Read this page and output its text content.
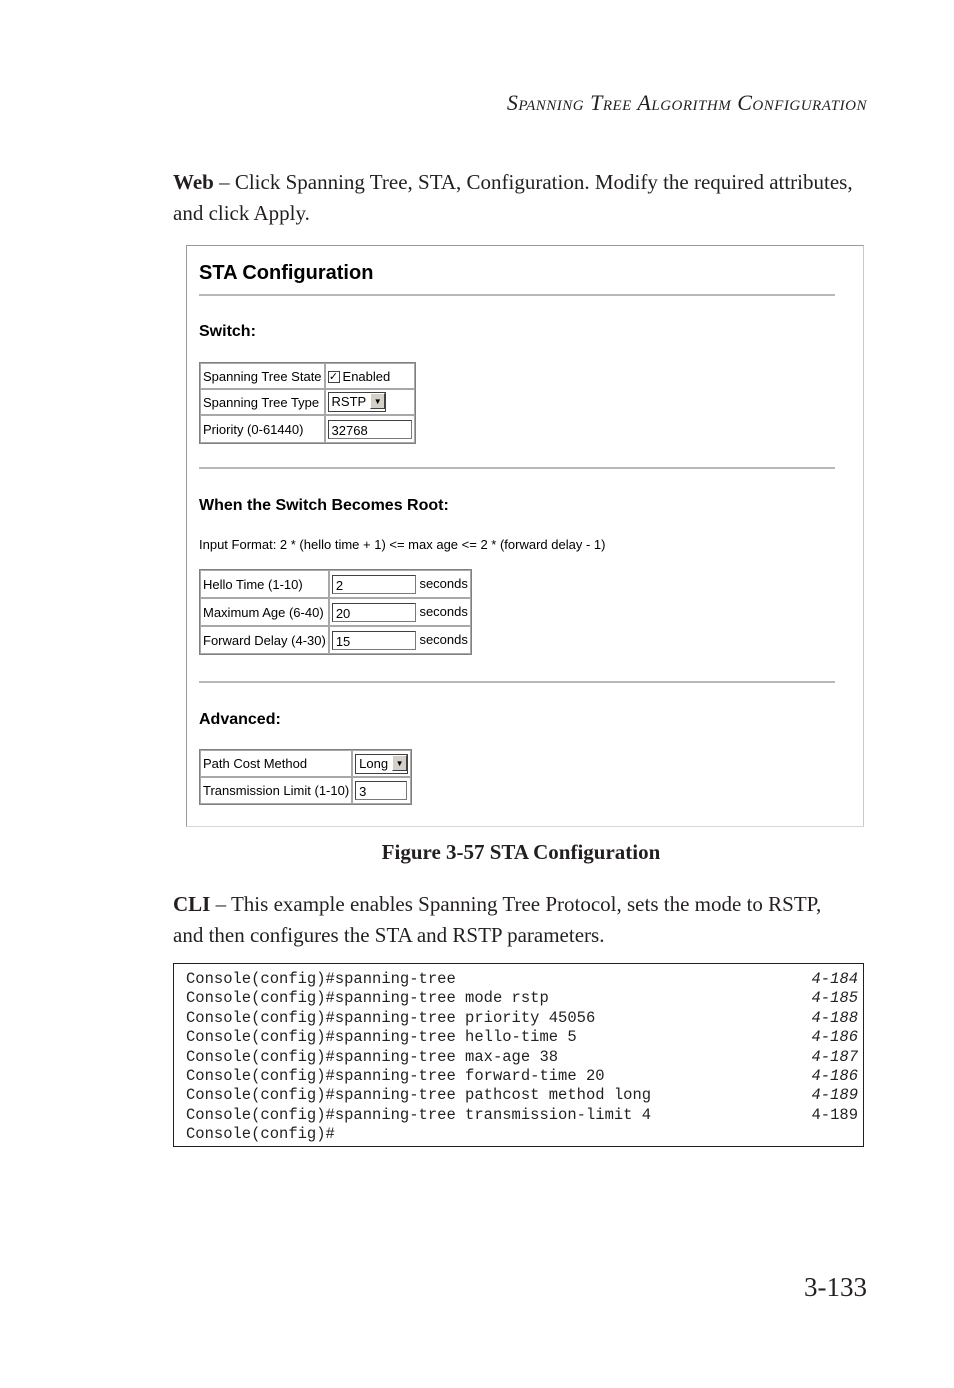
Spanning Tree Algorithm Configuration
Web – Click Spanning Tree, STA, Configuration. Modify the required attributes, and click Apply.
STA Configuration
Switch:
Spanning Tree State	✓ Enabled
Spanning Tree Type	RSTP ▼
Priority (0-61440)	32768
When the Switch Becomes Root:
Input Format: 2 * (hello time + 1) <= max age <= 2 * (forward delay - 1)
Hello Time (1-10)	2 seconds
Maximum Age (6-40)	20 seconds
Forward Delay (4-30)	15 seconds
Advanced:
Path Cost Method	Long ▼
Transmission Limit (1-10)	3
Figure 3-57 STA Configuration
CLI – This example enables Spanning Tree Protocol, sets the mode to RSTP, and then configures the STA and RSTP parameters.
Console(config)#spanning-tree	4-184
Console(config)#spanning-tree mode rstp	4-185
Console(config)#spanning-tree priority 45056	4-188
Console(config)#spanning-tree hello-time 5	4-186
Console(config)#spanning-tree max-age 38	4-187
Console(config)#spanning-tree forward-time 20	4-186
Console(config)#spanning-tree pathcost method long	4-189
Console(config)#spanning-tree transmission-limit 4	4-189
Console(config)#
3-133
